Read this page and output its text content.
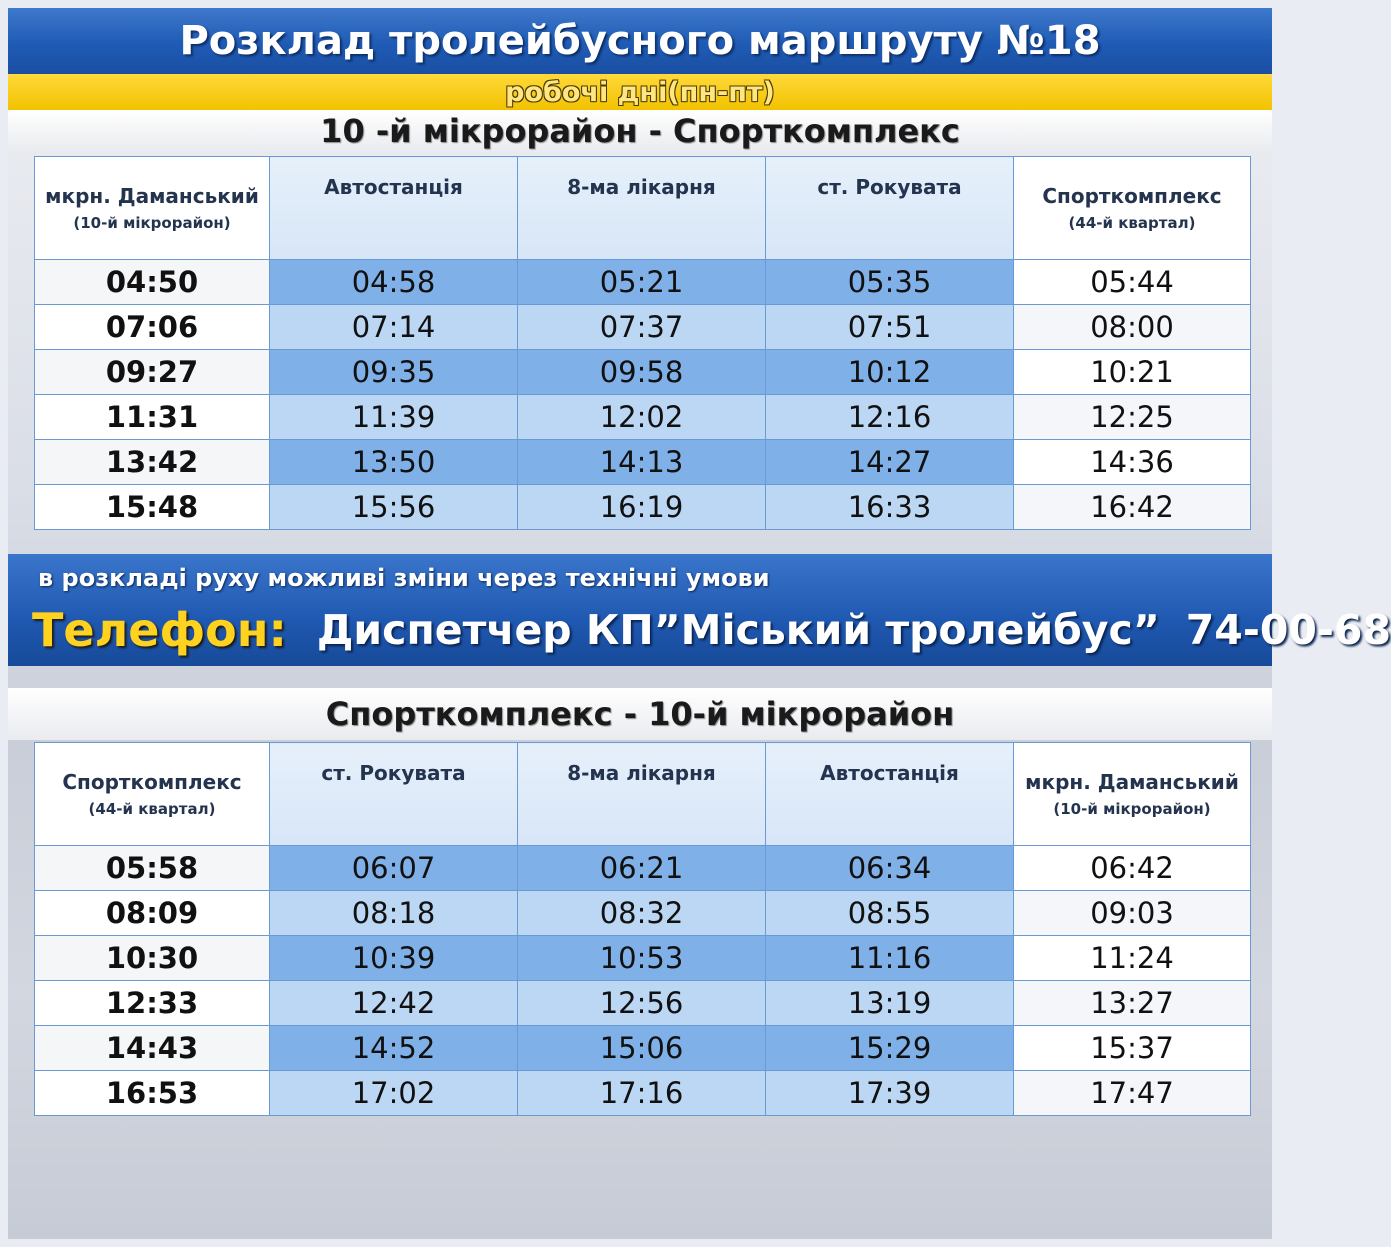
Розклад тролейбусного маршруту №18
робочі дні(пн-пт)
10 -й мікрорайон - Спорткомплекс
мкрн. Даманський
(10-й мікрорайон)	Автостанція	8-ма лікарня	ст. Рокувата	Спорткомплекс
(44-й квартал)

04:50	04:58	05:21	05:35	05:44
07:06	07:14	07:37	07:51	08:00
09:27	09:35	09:58	10:12	10:21
11:31	11:39	12:02	12:16	12:25
13:42	13:50	14:13	14:27	14:36
15:48	15:56	16:19	16:33	16:42
в розкладі руху можливі зміни через технічні умови
Телефон: Диспетчер КП”Міський тролейбус” 74-00-68
Спорткомплекс - 10-й мікрорайон
Спорткомплекс
(44-й квартал)	ст. Рокувата	8-ма лікарня	Автостанція	мкрн. Даманський
(10-й мікрорайон)

05:58	06:07	06:21	06:34	06:42
08:09	08:18	08:32	08:55	09:03
10:30	10:39	10:53	11:16	11:24
12:33	12:42	12:56	13:19	13:27
14:43	14:52	15:06	15:29	15:37
16:53	17:02	17:16	17:39	17:47
